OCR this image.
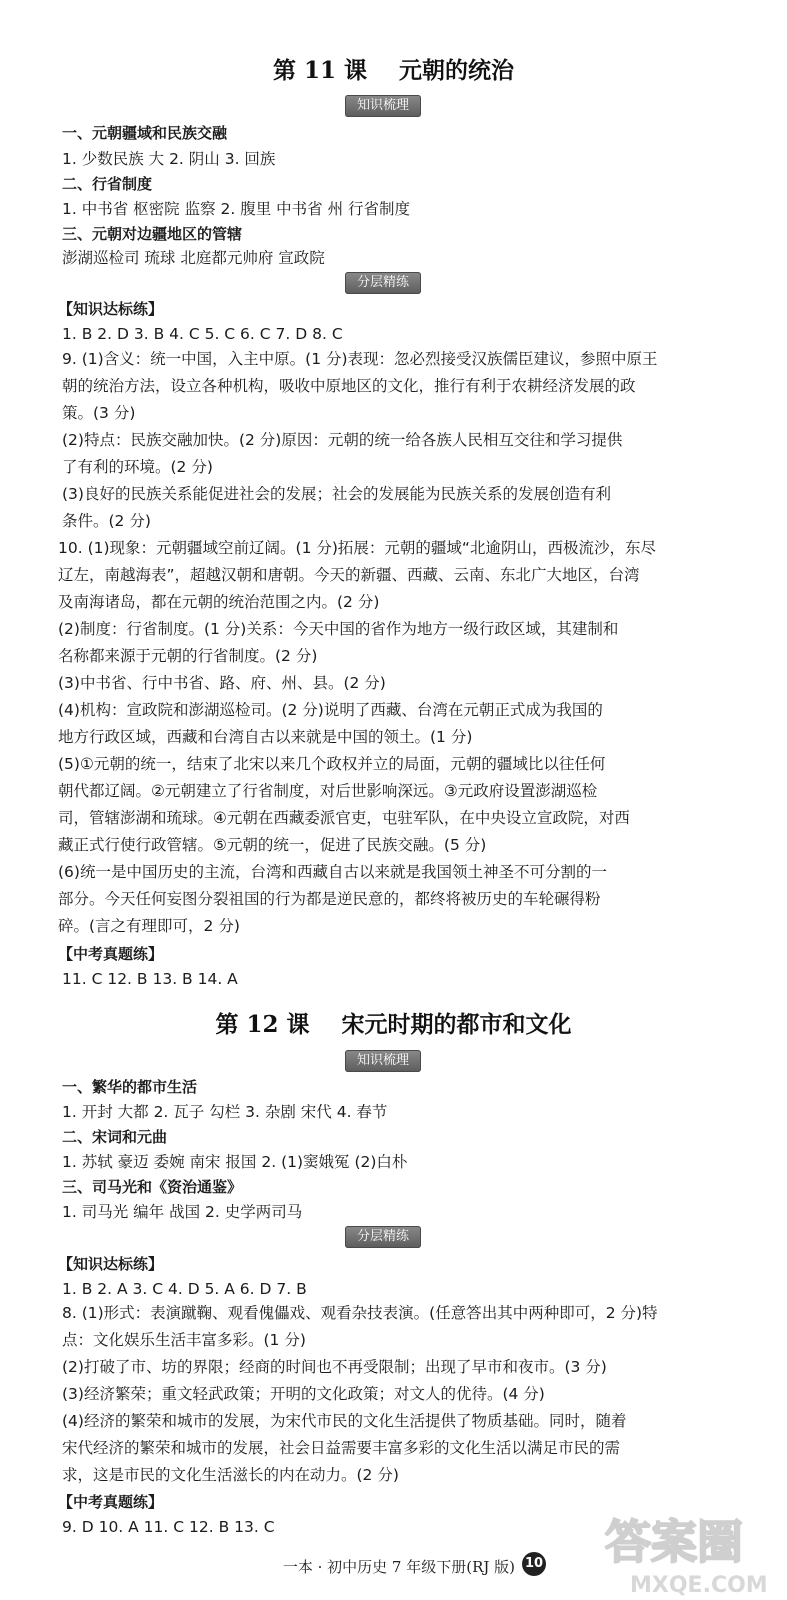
第 11 课    元朝的统治
知识梳理
一、元朝疆域和民族交融
1. 少数民族 大 2. 阴山 3. 回族
二、行省制度
1. 中书省 枢密院 监察 2. 腹里 中书省 州 行省制度
三、元朝对边疆地区的管辖
澎湖巡检司 琉球 北庭都元帅府 宣政院
分层精练
【知识达标练】
1. B 2. D 3. B 4. C 5. C 6. C 7. D 8. C

9. (1)含义：统一中国，入主中原。(1 分)表现：忽必烈接受汉族儒臣建议，参照中原王

朝的统治方法，设立各种机构，吸收中原地区的文化，推行有利于农耕经济发展的政

策。(3 分)

(2)特点：民族交融加快。(2 分)原因：元朝的统一给各族人民相互交往和学习提供

了有利的环境。(2 分)

(3)良好的民族关系能促进社会的发展；社会的发展能为民族关系的发展创造有利

条件。(2 分)

10. (1)现象：元朝疆域空前辽阔。(1 分)拓展：元朝的疆域“北逾阴山，西极流沙，东尽

辽左，南越海表”，超越汉朝和唐朝。今天的新疆、西藏、云南、东北广大地区，台湾

及南海诸岛，都在元朝的统治范围之内。(2 分)

(2)制度：行省制度。(1 分)关系：今天中国的省作为地方一级行政区域，其建制和

名称都来源于元朝的行省制度。(2 分)

(3)中书省、行中书省、路、府、州、县。(2 分)

(4)机构：宣政院和澎湖巡检司。(2 分)说明了西藏、台湾在元朝正式成为我国的

地方行政区域，西藏和台湾自古以来就是中国的领土。(1 分)

(5)①元朝的统一，结束了北宋以来几个政权并立的局面，元朝的疆域比以往任何

朝代都辽阔。②元朝建立了行省制度，对后世影响深远。③元政府设置澎湖巡检

司，管辖澎湖和琉球。④元朝在西藏委派官吏，屯驻军队，在中央设立宣政院，对西

藏正式行使行政管辖。⑤元朝的统一，促进了民族交融。(5 分)

(6)统一是中国历史的主流，台湾和西藏自古以来就是我国领土神圣不可分割的一

部分。今天任何妄图分裂祖国的行为都是逆民意的，都终将被历史的车轮碾得粉

碎。(言之有理即可，2 分)

【中考真题练】
11. C 12. B 13. B 14. A
第 12 课    宋元时期的都市和文化
知识梳理
一、繁华的都市生活
1. 开封 大都 2. 瓦子 勾栏 3. 杂剧 宋代 4. 春节
二、宋词和元曲
1. 苏轼 豪迈 委婉 南宋 报国 2. (1)窦娥冤 (2)白朴
三、司马光和《资治通鉴》
1. 司马光 编年 战国 2. 史学两司马
分层精练
【知识达标练】
1. B 2. A 3. C 4. D 5. A 6. D 7. B

8. (1)形式：表演蹴鞠、观看傀儡戏、观看杂技表演。(任意答出其中两种即可，2 分)特

点：文化娱乐生活丰富多彩。(1 分)

(2)打破了市、坊的界限；经商的时间也不再受限制；出现了早市和夜市。(3 分)

(3)经济繁荣；重文轻武政策；开明的文化政策；对文人的优待。(4 分)

(4)经济的繁荣和城市的发展，为宋代市民的文化生活提供了物质基础。同时，随着

宋代经济的繁荣和城市的发展，社会日益需要丰富多彩的文化生活以满足市民的需

求，这是市民的文化生活滋长的内在动力。(2 分)

【中考真题练】
9. D 10. A 11. C 12. B 13. C
一本 · 初中历史 7 年级下册(RJ 版) 10 答案圈
MXQE.COM
